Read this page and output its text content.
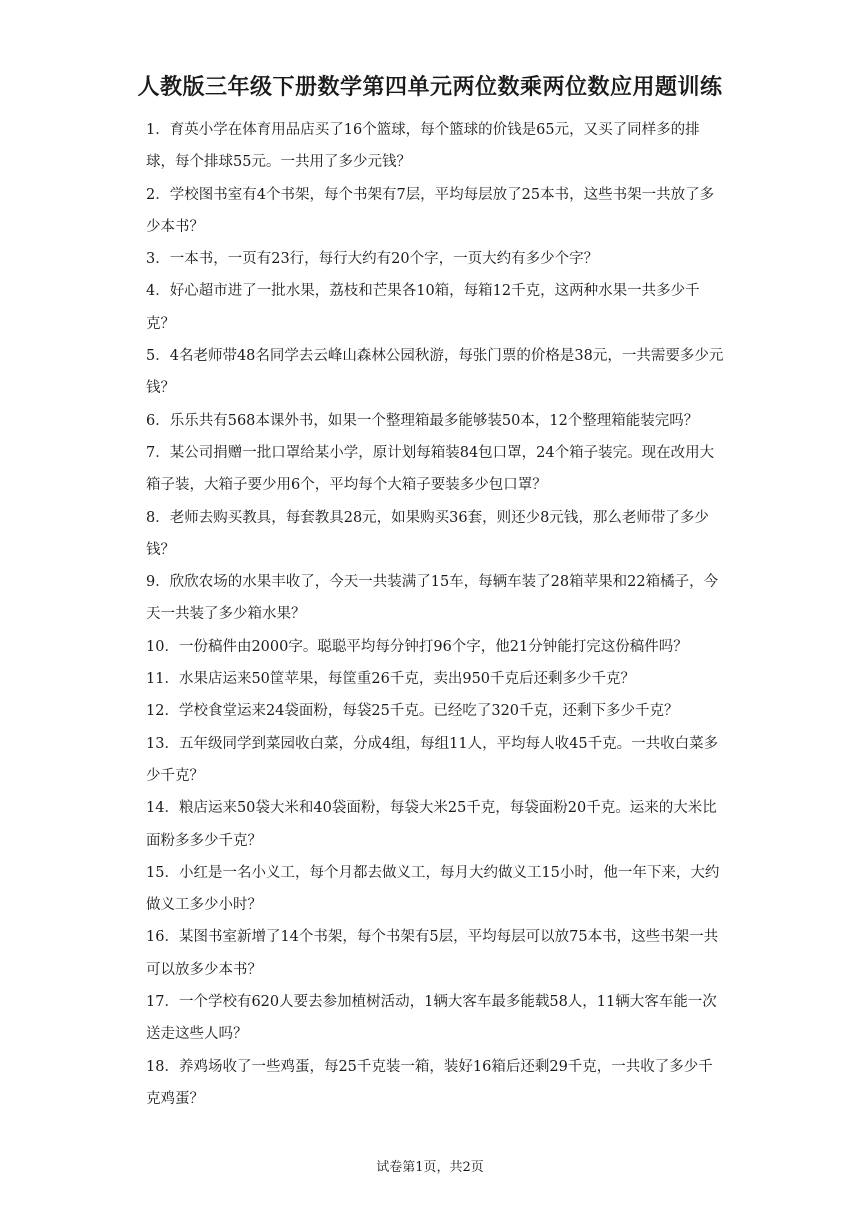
人教版三年级下册数学第四单元两位数乘两位数应用题训练

1．育英小学在体育用品店买了16个篮球，每个篮球的价钱是65元，又买了同样多的排球，每个排球55元。一共用了多少元钱？

2．学校图书室有4个书架，每个书架有7层，平均每层放了25本书，这些书架一共放了多少本书？

3．一本书，一页有23行，每行大约有20个字，一页大约有多少个字？

4．好心超市进了一批水果，荔枝和芒果各10箱，每箱12千克，这两种水果一共多少千克？

5．4名老师带48名同学去云峰山森林公园秋游，每张门票的价格是38元，一共需要多少元钱？

6．乐乐共有568本课外书，如果一个整理箱最多能够装50本，12个整理箱能装完吗？

7．某公司捐赠一批口罩给某小学，原计划每箱装84包口罩，24个箱子装完。现在改用大箱子装，大箱子要少用6个，平均每个大箱子要装多少包口罩？

8．老师去购买教具，每套教具28元，如果购买36套，则还少8元钱，那么老师带了多少钱？

9．欣欣农场的水果丰收了，今天一共装满了15车，每辆车装了28箱苹果和22箱橘子，今天一共装了多少箱水果？

10．一份稿件由2000字。聪聪平均每分钟打96个字，他21分钟能打完这份稿件吗？

11．水果店运来50筐苹果，每筐重26千克，卖出950千克后还剩多少千克？

12．学校食堂运来24袋面粉，每袋25千克。已经吃了320千克，还剩下多少千克？

13．五年级同学到菜园收白菜，分成4组，每组11人，平均每人收45千克。一共收白菜多少千克？

14．粮店运来50袋大米和40袋面粉，每袋大米25千克，每袋面粉20千克。运来的大米比面粉多多少千克？

15．小红是一名小义工，每个月都去做义工，每月大约做义工15小时，他一年下来，大约做义工多少小时？

16．某图书室新增了14个书架，每个书架有5层，平均每层可以放75本书，这些书架一共可以放多少本书？

17．一个学校有620人要去参加植树活动，1辆大客车最多能载58人，11辆大客车能一次送走这些人吗？

18．养鸡场收了一些鸡蛋，每25千克装一箱，装好16箱后还剩29千克，一共收了多少千克鸡蛋？

试卷第1页，共2页
